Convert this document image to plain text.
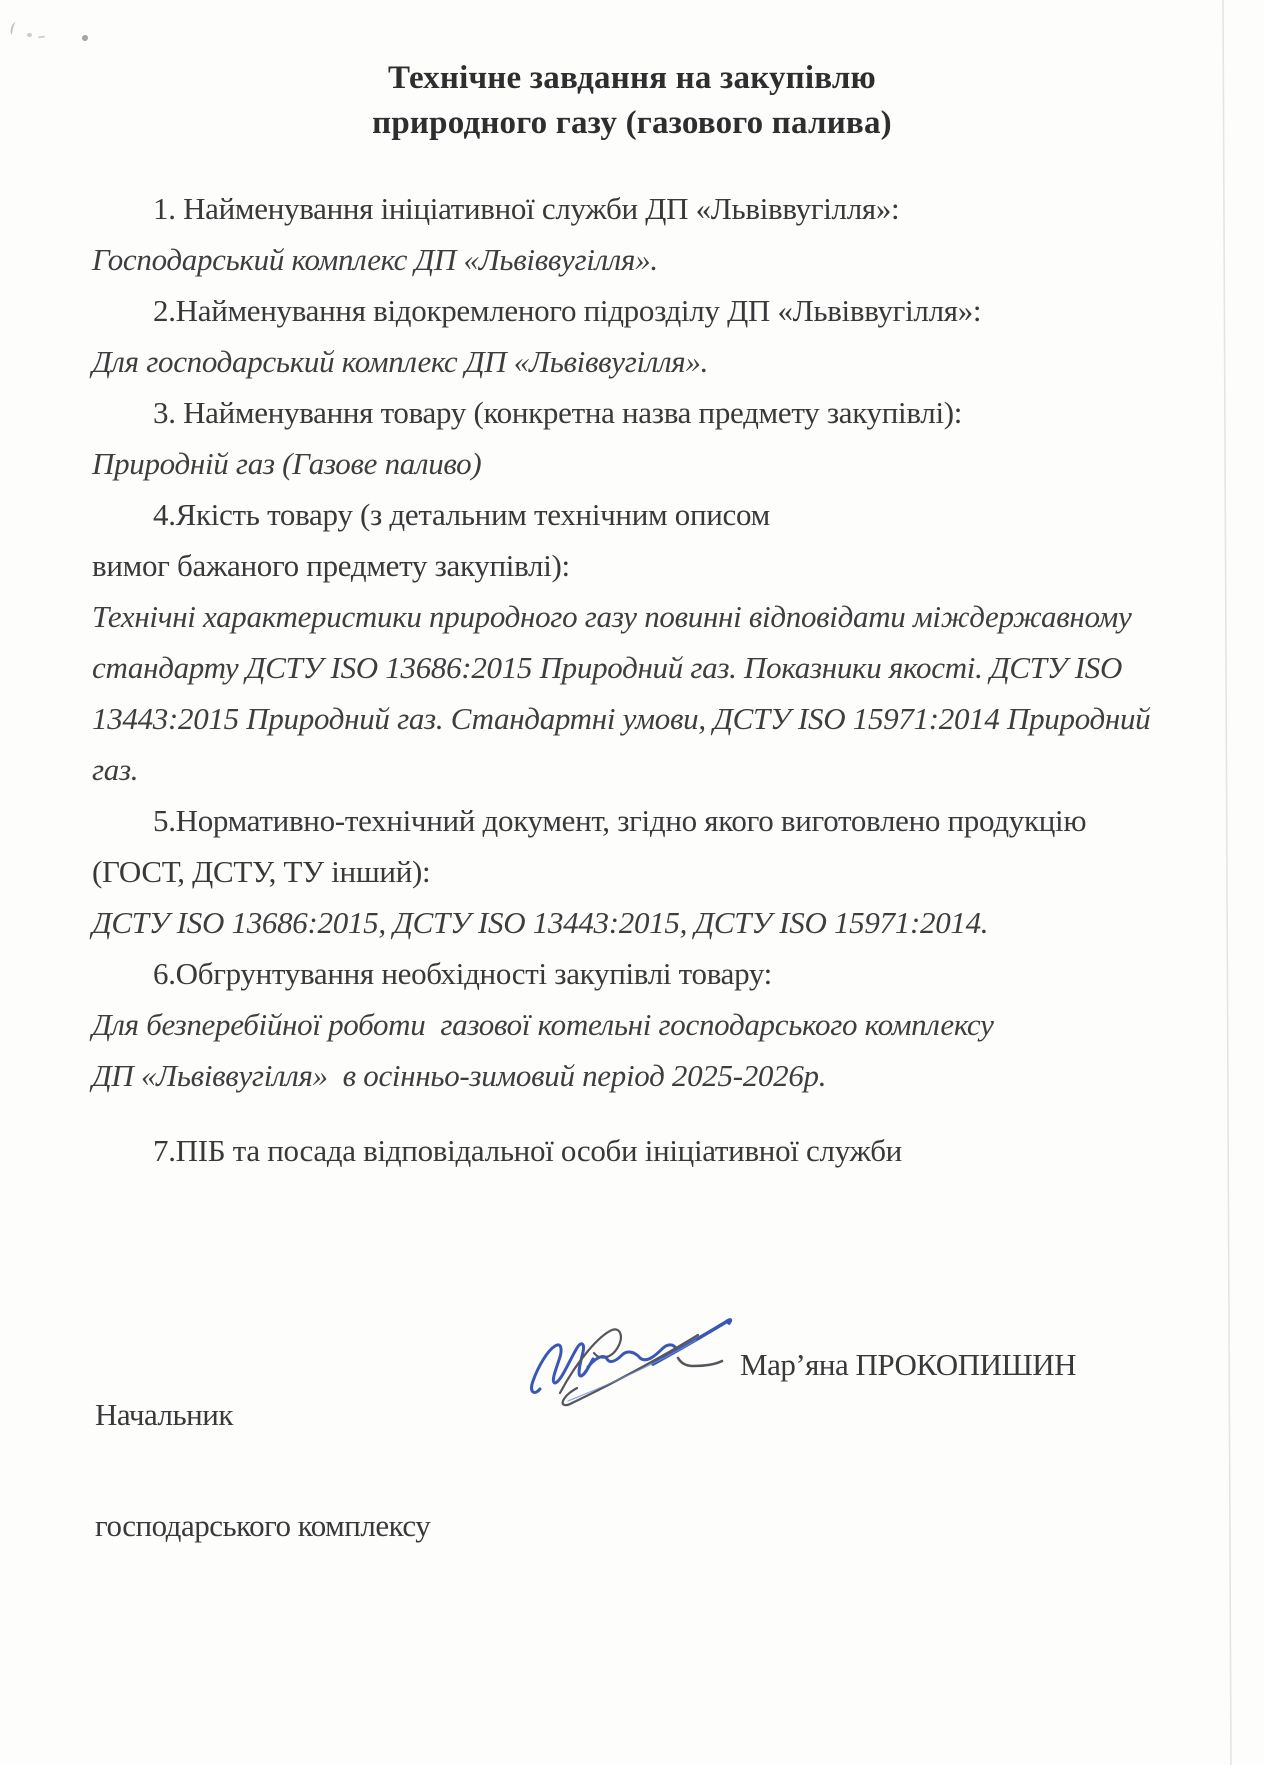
Технічне завдання на закупівлю
природного газу (газового палива)
1. Найменування ініціативної служби ДП «Львіввугілля»:
Господарський комплекс ДП «Львіввугілля».
2.Найменування відокремленого підрозділу ДП «Львіввугілля»:
Для господарський комплекс ДП «Львіввугілля».
3. Найменування товару (конкретна назва предмету закупівлі):
Природній газ (Газове паливо)
4.Якість товару (з детальним технічним описом
вимог бажаного предмету закупівлі):
Технічні характеристики природного газу повинні відповідати міждержавному
стандарту ДСТУ ISO 13686:2015 Природний газ. Показники якості. ДСТУ ISO
13443:2015 Природний газ. Стандартні умови, ДСТУ ISO 15971:2014 Природний
газ.
5.Нормативно-технічний документ, згідно якого виготовлено продукцію
(ГОСТ, ДСТУ, ТУ інший):
ДСТУ ISO 13686:2015, ДСТУ ISO 13443:2015, ДСТУ ISO 15971:2014.
6.Обгрунтування необхідності закупівлі товару:
Для безперебійної роботи  газової котельні господарського комплексу
ДП «Львіввугілля»  в осінньо-зимовий період 2025-2026р.
7.ПІБ та посада відповідальної особи ініціативної служби

Начальник

господарського комплексу

Мар’яна ПРОКОПИШИН
